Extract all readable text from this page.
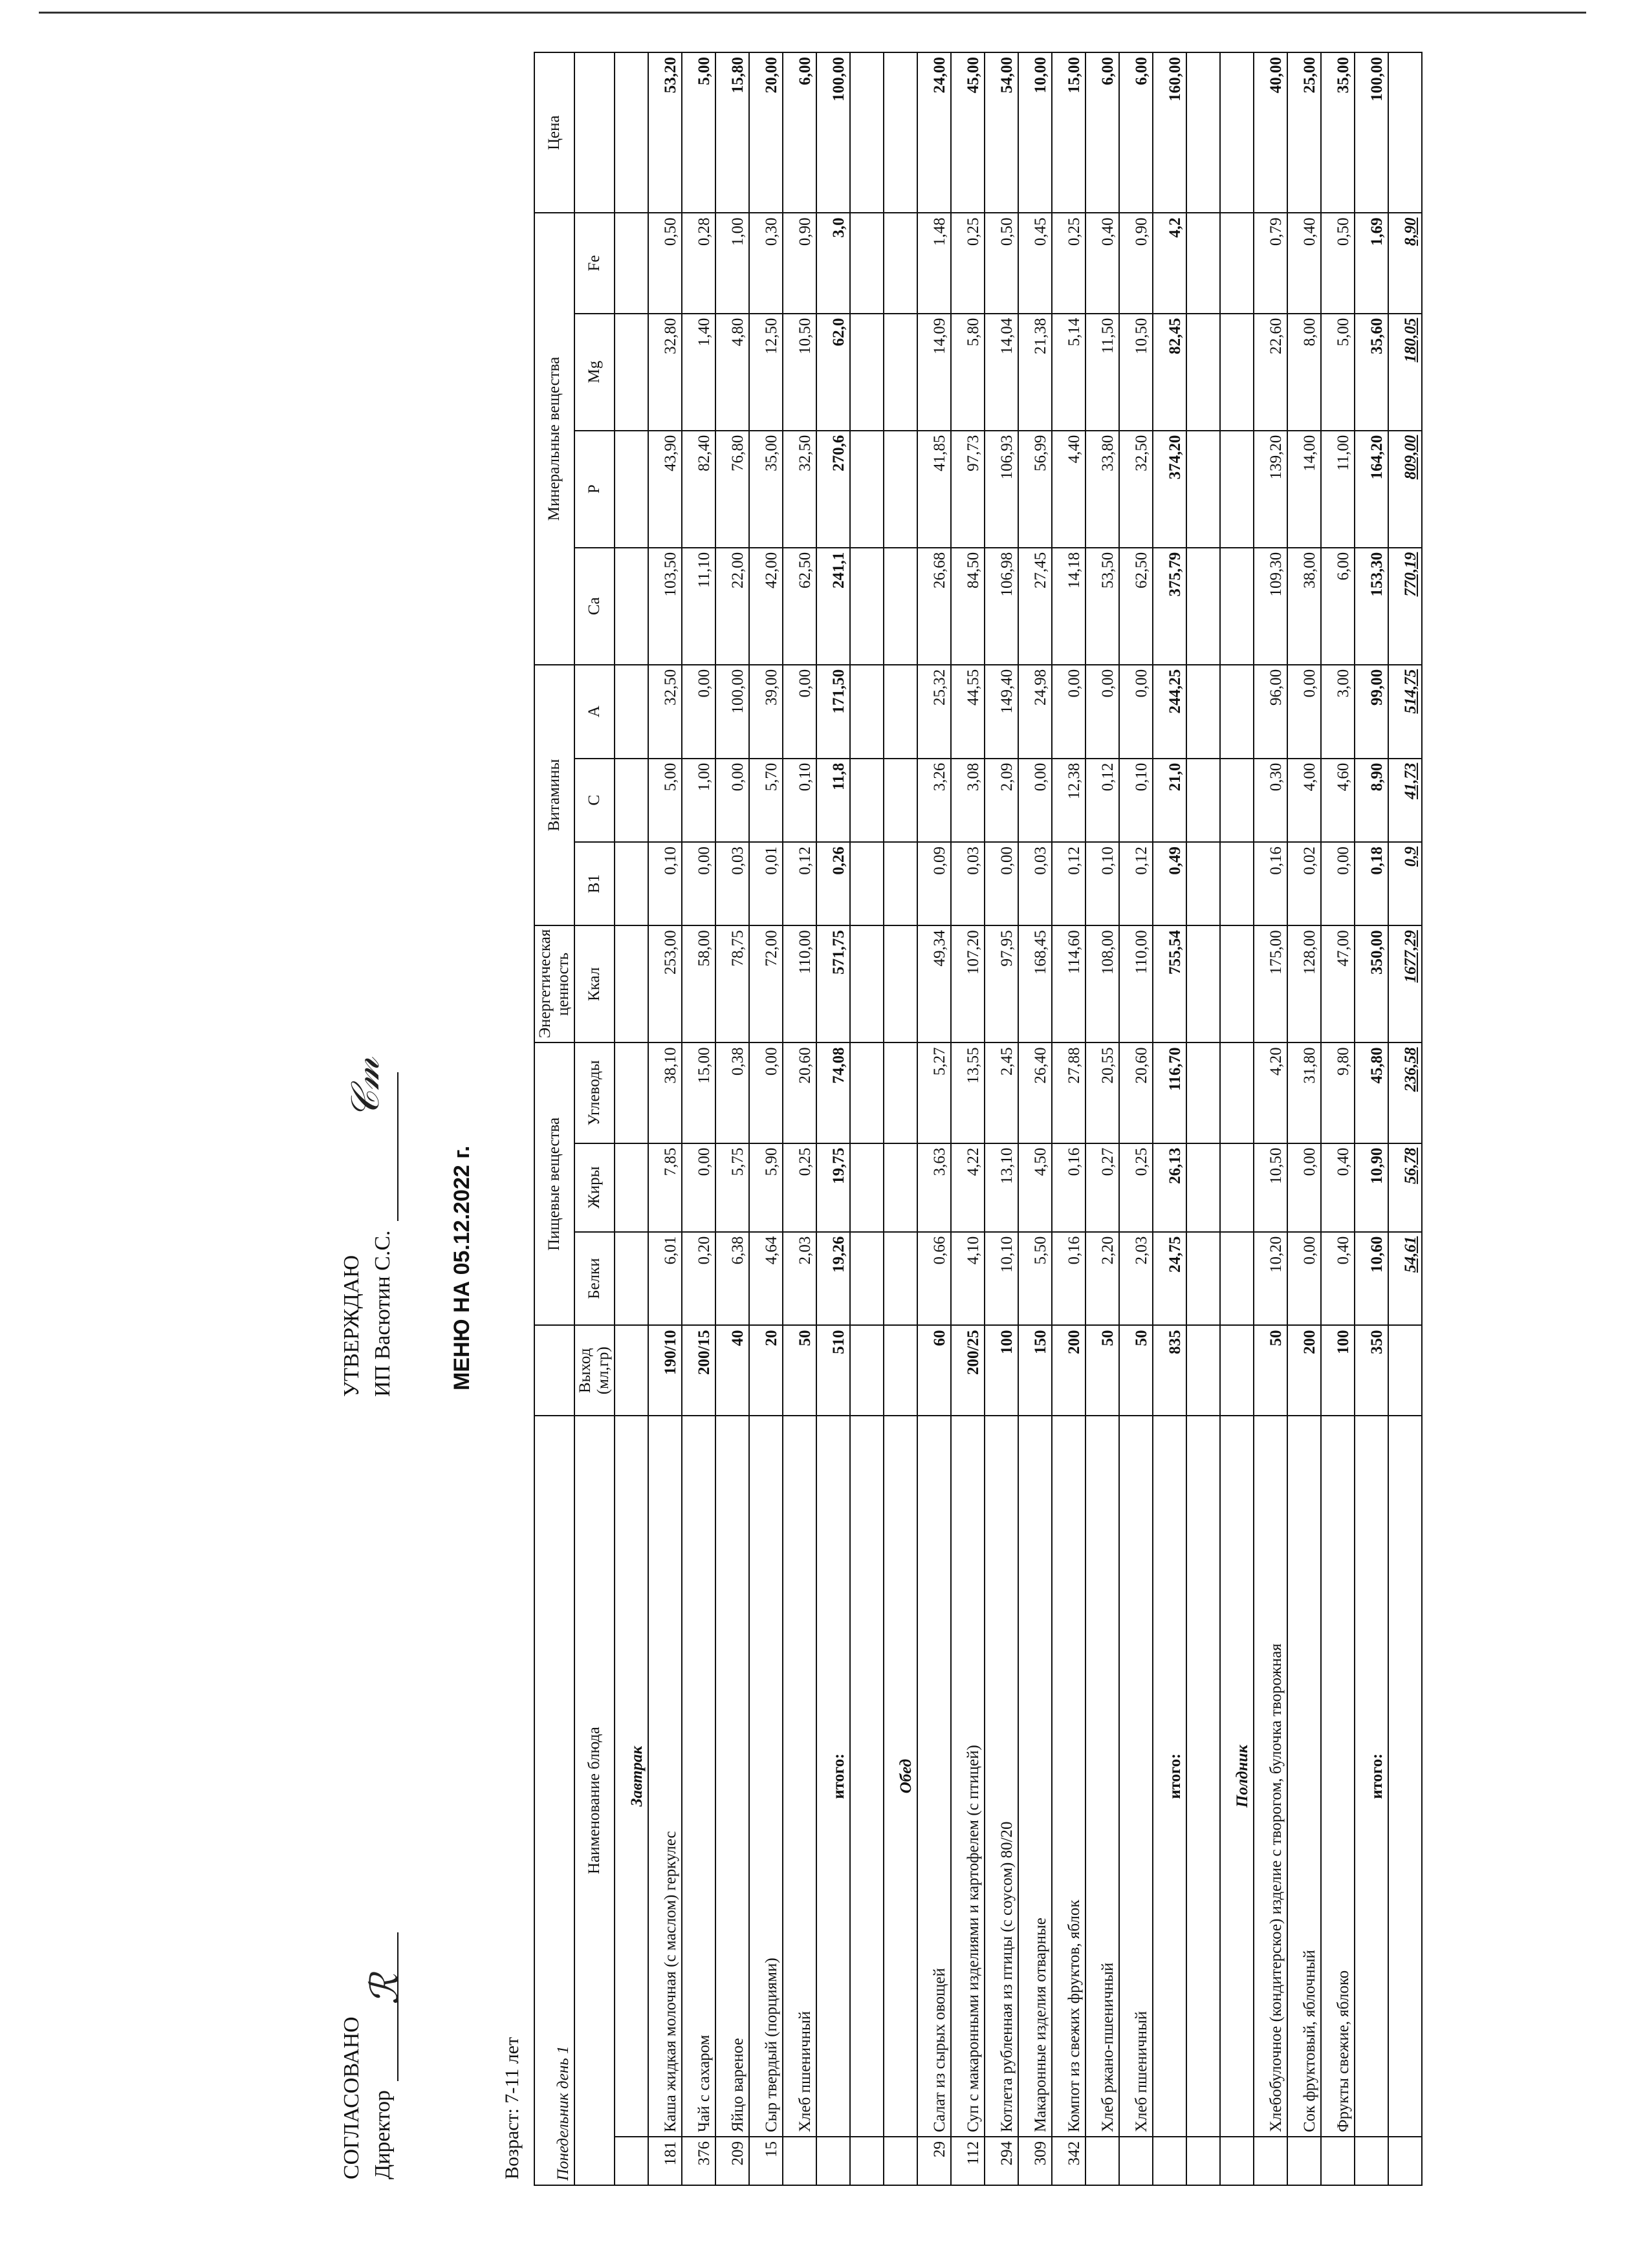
СОГЛАСОВАНО Директор
ℛ
УТВЕРЖДАЮ ИП Васютин С.С.
𝒞𝓂
МЕНЮ НА 05.12.2022 г.
Возраст: 7-11 лет Понедельник день 1			Пищевые вещества			Энергетическая ценность	Витамины			Минеральные вещества				Цена

Наименование блюда		Выход (мл,гр)	Белки	Жиры	Углеводы	Ккал	B1	C	A	Ca	P	Mg	Fe	
	Завтрак													
181	Каша жидкая молочная (с маслом) геркулес	190/10	6,01	7,85	38,10	253,00	0,10	5,00	32,50	103,50	43,90	32,80	0,50	53,20
376	Чай с сахаром	200/15	0,20	0,00	15,00	58,00	0,00	1,00	0,00	11,10	82,40	1,40	0,28	5,00
209	Яйцо вареное	40	6,38	5,75	0,38	78,75	0,03	0,00	100,00	22,00	76,80	4,80	1,00	15,80
15	Сыр твердый (порциями)	20	4,64	5,90	0,00	72,00	0,01	5,70	39,00	42,00	35,00	12,50	0,30	20,00
	Хлеб пшеничный	50	2,03	0,25	20,60	110,00	0,12	0,10	0,00	62,50	32,50	10,50	0,90	6,00
	итого:	510	19,26	19,75	74,08	571,75	0,26	11,8	171,50	241,1	270,6	62,0	3,0	100,00

	Обед													
29	Салат из сырых овощей	60	0,66	3,63	5,27	49,34	0,09	3,26	25,32	26,68	41,85	14,09	1,48	24,00
112	Суп с макаронными изделиями и картофелем (с птицей)	200/25	4,10	4,22	13,55	107,20	0,03	3,08	44,55	84,50	97,73	5,80	0,25	45,00
294	Котлета рубленная из птицы (с соусом) 80/20	100	10,10	13,10	2,45	97,95	0,00	2,09	149,40	106,98	106,93	14,04	0,50	54,00
309	Макаронные изделия отварные	150	5,50	4,50	26,40	168,45	0,03	0,00	24,98	27,45	56,99	21,38	0,45	10,00
342	Компот из свежих фруктов, яблок	200	0,16	0,16	27,88	114,60	0,12	12,38	0,00	14,18	4,40	5,14	0,25	15,00
	Хлеб ржано-пшеничный	50	2,20	0,27	20,55	108,00	0,10	0,12	0,00	53,50	33,80	11,50	0,40	6,00
	Хлеб пшеничный	50	2,03	0,25	20,60	110,00	0,12	0,10	0,00	62,50	32,50	10,50	0,90	6,00
	итого:	835	24,75	26,13	116,70	755,54	0,49	21,0	244,25	375,79	374,20	82,45	4,2	160,00

	Полдник													
	Хлебобулочное (кондитерское) изделие с творогом, булочка творожная	50	10,20	10,50	4,20	175,00	0,16	0,30	96,00	109,30	139,20	22,60	0,79	40,00
	Сок фруктовый, яблочный	200	0,00	0,00	31,80	128,00	0,02	4,00	0,00	38,00	14,00	8,00	0,40	25,00
	Фрукты свежие, яблоко	100	0,40	0,40	9,80	47,00	0,00	4,60	3,00	6,00	11,00	5,00	0,50	35,00
	итого:	350	10,60	10,90	45,80	350,00	0,18	8,90	99,00	153,30	164,20	35,60	1,69	100,00
			54,61	56,78	236,58	1677,29	0,9	41,73	514,75	770,19	809,00	180,05	8,90	
